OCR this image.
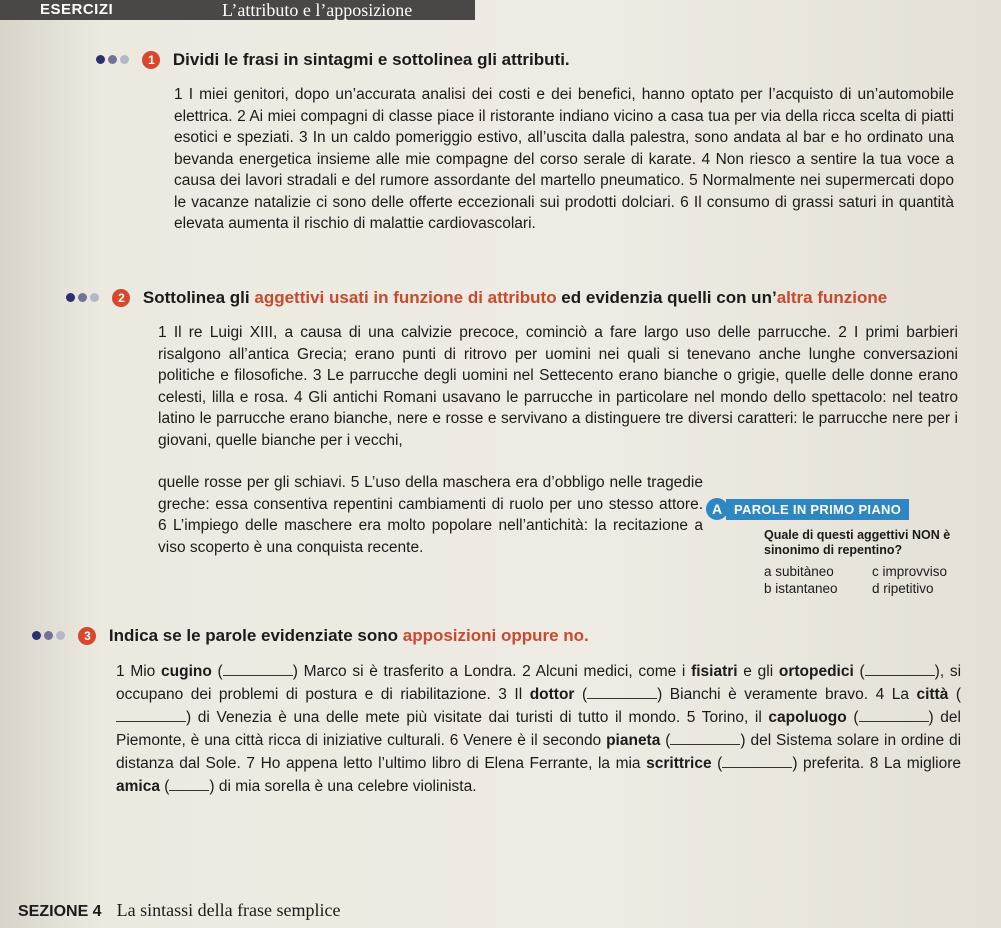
ESERCIZI	L’attributo e l’apposizione
1 Dividi le frasi in sintagmi e sottolinea gli attributi.
1 I miei genitori, dopo un’accurata analisi dei costi e dei benefici, hanno optato per l’acquisto di un’automobile elettrica. 2 Ai miei compagni di classe piace il ristorante indiano vicino a casa tua per via della ricca scelta di piatti esotici e speziati. 3 In un caldo pomeriggio estivo, all’uscita dalla palestra, sono andata al bar e ho ordinato una bevanda energetica insieme alle mie compagne del corso serale di karate. 4 Non riesco a sentire la tua voce a causa dei lavori stradali e del rumore assordante del martello pneumatico. 5 Normalmente nei supermercati dopo le vacanze natalizie ci sono delle offerte eccezionali sui prodotti dolciari. 6 Il consumo di grassi saturi in quantità elevata aumenta il rischio di malattie cardiovascolari.
2 Sottolinea gli aggettivi usati in funzione di attributo ed evidenzia quelli con un’altra funzione
1 Il re Luigi XIII, a causa di una calvizie precoce, cominciò a fare largo uso delle parrucche. 2 I primi barbieri risalgono all’antica Grecia; erano punti di ritrovo per uomini nei quali si tenevano anche lunghe conversazioni politiche e filosofiche. 3 Le parrucche degli uomini nel Settecento erano bianche o grigie, quelle delle donne erano celesti, lilla e rosa. 4 Gli antichi Romani usavano le parrucche in particolare nel mondo dello spettacolo: nel teatro latino le parrucche erano bianche, nere e rosse e servivano a distinguere tre diversi caratteri: le parrucche nere per i giovani, quelle bianche per i vecchi,
quelle rosse per gli schiavi. 5 L’uso della maschera era d’obbligo nelle tragedie greche: essa consentiva repentini cambiamenti di ruolo per uno stesso attore. 6 L’impiego delle maschere era molto popolare nell’antichità: la recitazione a viso scoperto è una conquista recente.
A PAROLE IN PRIMO PIANO
Quale di questi aggettivi NON è sinonimo di repentino?
a subitàneo	c improvviso
b istantaneo	d ripetitivo
3 Indica se le parole evidenziate sono apposizioni oppure no.
1 Mio cugino (	) Marco si è trasferito a Londra. 2 Alcuni medici, come i fisiatri e gli ortopedici (	), si occupano dei problemi di postura e di riabilitazione. 3 Il dottor (	) Bianchi è veramente bravo. 4 La città () di Venezia è una delle mete più visitate dai turisti di tutto il mondo. 5 Torino, il capoluogo (	) del Piemonte, è una città ricca di iniziative culturali. 6 Venere è il secondo pianeta (	) del Sistema solare in ordine di distanza dal Sole. 7 Ho appena letto l’ultimo libro di Elena Ferrante, la mia scrittrice (	) preferita. 8 La migliore amica (	) di mia sorella è una celebre violinista.
SEZIONE 4 La sintassi della frase semplice
